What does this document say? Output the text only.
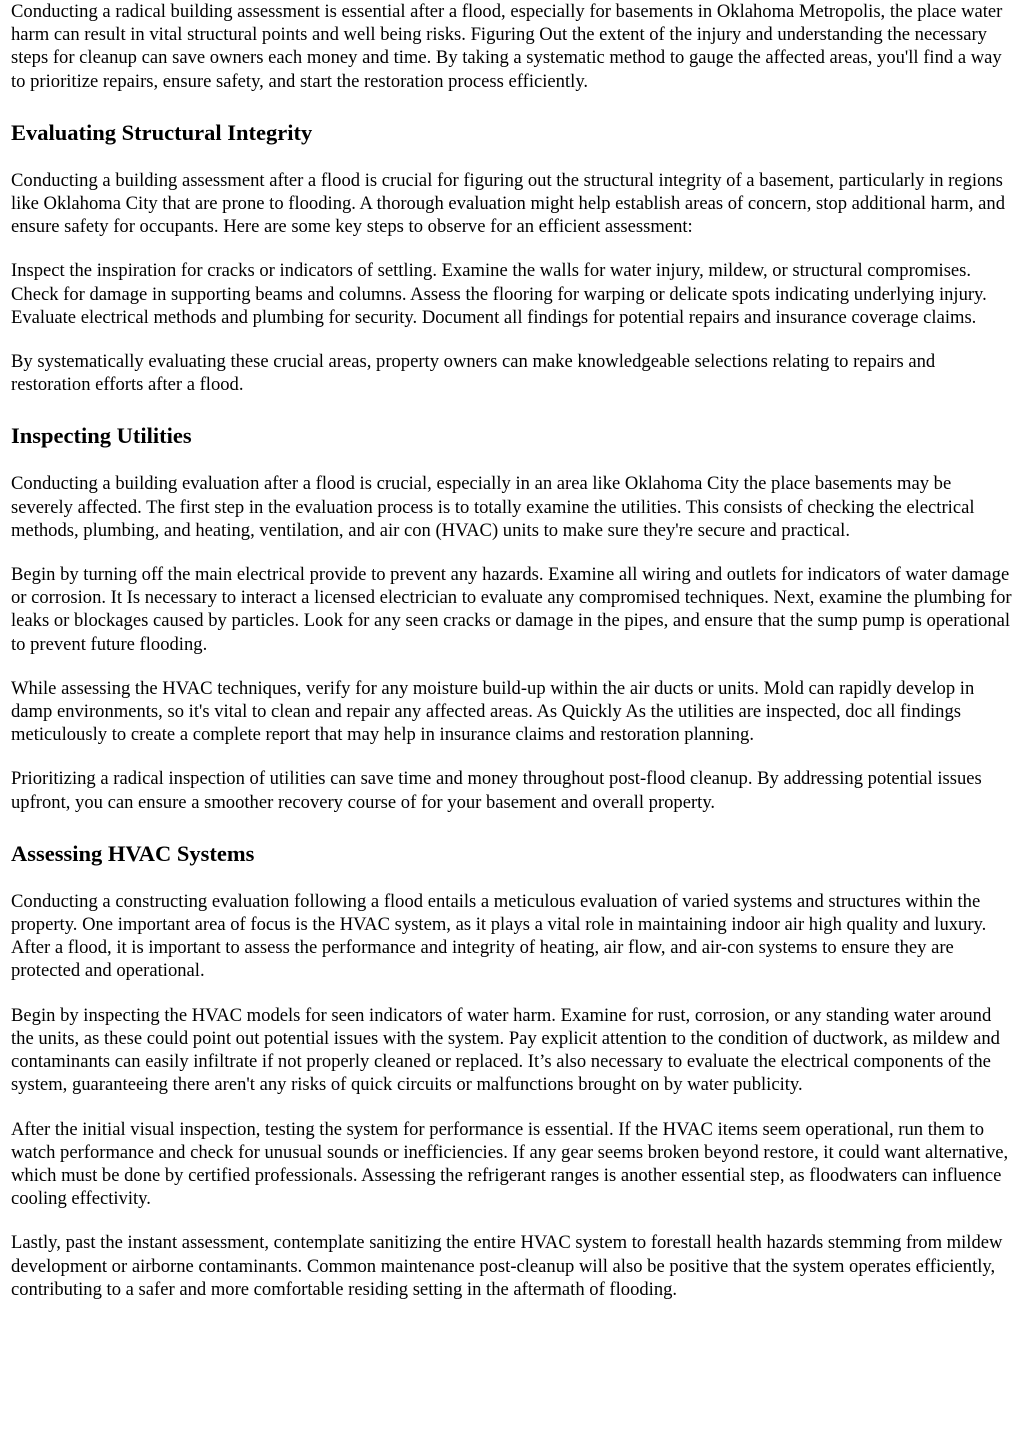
Conducting a radical building assessment is essential after a flood, especially for basements in Oklahoma Metropolis, the place water harm can result in vital structural points and well being risks. Figuring Out the extent of the injury and understanding the necessary steps for cleanup can save owners each money and time. By taking a systematic method to gauge the affected areas, you'll find a way to prioritize repairs, ensure safety, and start the restoration process efficiently.

Evaluating Structural Integrity

Conducting a building assessment after a flood is crucial for figuring out the structural integrity of a basement, particularly in regions like Oklahoma City that are prone to flooding. A thorough evaluation might help establish areas of concern, stop additional harm, and ensure safety for occupants. Here are some key steps to observe for an efficient assessment:

Inspect the inspiration for cracks or indicators of settling. Examine the walls for water injury, mildew, or structural compromises. Check for damage in supporting beams and columns. Assess the flooring for warping or delicate spots indicating underlying injury. Evaluate electrical methods and plumbing for security. Document all findings for potential repairs and insurance coverage claims.

By systematically evaluating these crucial areas, property owners can make knowledgeable selections relating to repairs and restoration efforts after a flood.

Inspecting Utilities

Conducting a building evaluation after a flood is crucial, especially in an area like Oklahoma City the place basements may be severely affected. The first step in the evaluation process is to totally examine the utilities. This consists of checking the electrical methods, plumbing, and heating, ventilation, and air con (HVAC) units to make sure they're secure and practical.

Begin by turning off the main electrical provide to prevent any hazards. Examine all wiring and outlets for indicators of water damage or corrosion. It Is necessary to interact a licensed electrician to evaluate any compromised techniques. Next, examine the plumbing for leaks or blockages caused by particles. Look for any seen cracks or damage in the pipes, and ensure that the sump pump is operational to prevent future flooding.

While assessing the HVAC techniques, verify for any moisture build-up within the air ducts or units. Mold can rapidly develop in damp environments, so it's vital to clean and repair any affected areas. As Quickly As the utilities are inspected, doc all findings meticulously to create a complete report that may help in insurance claims and restoration planning.

Prioritizing a radical inspection of utilities can save time and money throughout post-flood cleanup. By addressing potential issues upfront, you can ensure a smoother recovery course of for your basement and overall property.

Assessing HVAC Systems

Conducting a constructing evaluation following a flood entails a meticulous evaluation of varied systems and structures within the property. One important area of focus is the HVAC system, as it plays a vital role in maintaining indoor air high quality and luxury. After a flood, it is important to assess the performance and integrity of heating, air flow, and air-con systems to ensure they are protected and operational.

Begin by inspecting the HVAC models for seen indicators of water harm. Examine for rust, corrosion, or any standing water around the units, as these could point out potential issues with the system. Pay explicit attention to the condition of ductwork, as mildew and contaminants can easily infiltrate if not properly cleaned or replaced. It’s also necessary to evaluate the electrical components of the system, guaranteeing there aren't any risks of quick circuits or malfunctions brought on by water publicity.

After the initial visual inspection, testing the system for performance is essential. If the HVAC items seem operational, run them to watch performance and check for unusual sounds or inefficiencies. If any gear seems broken beyond restore, it could want alternative, which must be done by certified professionals. Assessing the refrigerant ranges is another essential step, as floodwaters can influence cooling effectivity.

Lastly, past the instant assessment, contemplate sanitizing the entire HVAC system to forestall health hazards stemming from mildew development or airborne contaminants. Common maintenance post-cleanup will also be positive that the system operates efficiently, contributing to a safer and more comfortable residing setting in the aftermath of flooding.
